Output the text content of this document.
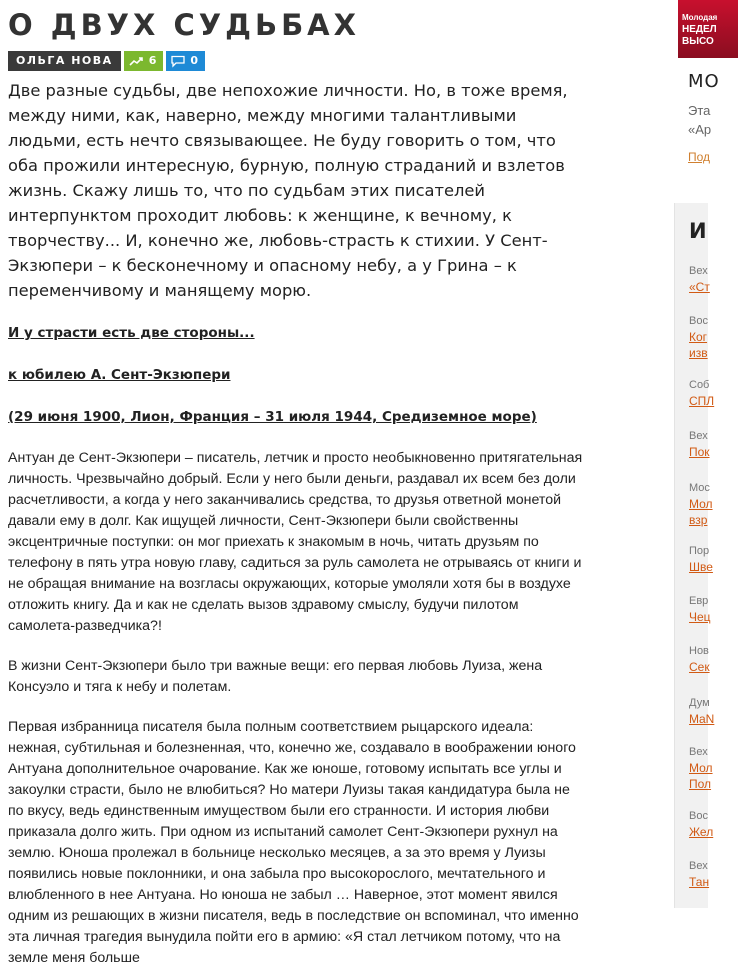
О ДВУХ СУДЬБАХ
ОЛЬГА НОВА	6	0

Две разные судьбы, две непохожие личности. Но, в тоже время, между ними, как, наверно, между многими талантливыми людьми, есть нечто связывающее. Не буду говорить о том, что оба прожили интересную, бурную, полную страданий и взлетов жизнь. Скажу лишь то, что по судьбам этих писателей интерпунктом проходит любовь: к женщине, к вечному, к творчеству... И, конечно же, любовь-страсть к стихии. У Сент-Экзюпери – к бесконечному и опасному небу, а у Грина – к переменчивому и манящему морю.

И у страсти есть две стороны...

к юбилею А. Сент-Экзюпери

(29 июня 1900, Лион, Франция – 31 июля 1944, Средиземное море)

Антуан де Сент-Экзюпери – писатель, летчик и просто необыкновенно притягательная личность. Чрезвычайно добрый. Если у него были деньги, раздавал их всем без доли расчетливости, а когда у него заканчивались средства, то друзья ответной монетой давали ему в долг. Как ищущей личности, Сент-Экзюпери были свойственны эксцентричные поступки: он мог приехать к знакомым в ночь, читать друзьям по телефону в пять утра новую главу, садиться за руль самолета не отрываясь от книги и не обращая внимание на возгласы окружающих, которые умоляли хотя бы в воздухе отложить книгу. Да и как не сделать вызов здравому смыслу, будучи пилотом самолета-разведчика?!

В жизни Сент-Экзюпери было три важные вещи: его первая любовь Луиза, жена Консуэло и тяга к небу и полетам.

Первая избранница писателя была полным соответствием рыцарского идеала: нежная, субтильная и болезненная, что, конечно же, создавало в воображении юного Антуана дополнительное очарование. Как же юноше, готовому испытать все углы и закоулки страсти, было не влюбиться? Но матери Луизы такая кандидатура была не по вкусу, ведь единственным имуществом были его странности. И история любви приказала долго жить. При одном из испытаний самолет Сент-Экзюпери рухнул на землю. Юноша пролежал в больнице несколько месяцев, а за это время у Луизы появились новые поклонники, и она забыла про высокорослого, мечтательного и влюбленного в нее Антуана. Но юноша не забыл … Наверное, этот момент явился одним из решающих в жизни писателя, ведь в последствие он вспоминал, что именно эта личная трагедия вынудила пойти его в армию: «Я стал летчиком потому, что на земле меня больше

Молодая
НЕДЕЛ
ВЫСО
МО
Эта
«Ар
Под
И
Вех
«Ст
Вос
Ког
изв
Соб
СПЛ
Вех
Пок
Мос
Мол
взр
Пор
Шве
Евр
Чец
Нов
Сек
Дум
MaN
Вех
Мол
Пол
Вос
Жел
Вех
Тан
